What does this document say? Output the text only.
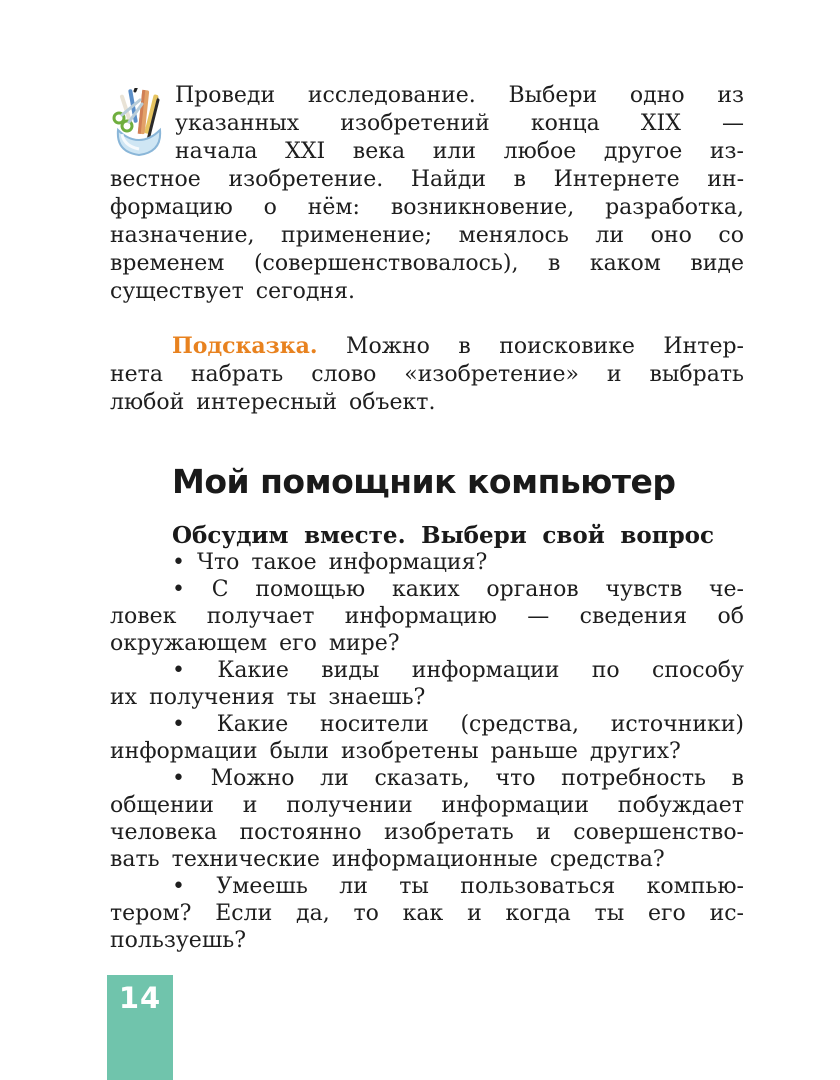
Проведи исследование. Выбери одно из
указанных изобретений конца XIX —
начала XXI века или любое другое из-
вестное изобретение. Найди в Интернете ин-
формацию о нём: возникновение, разработка,
назначение, применение; менялось ли оно со
временем (совершенствовалось), в каком виде
существует сегодня.
Подсказка. Можно в поисковике Интер-
нета набрать слово «изобретение» и выбрать
любой интересный объект.
Мой помощник компьютер
Обсудим вместе. Выбери свой вопрос
• Что такое информация?
• С помощью каких органов чувств че-
ловек получает информацию — сведения об
окружающем его мире?
• Какие виды информации по способу
их получения ты знаешь?
• Какие носители (средства, источники)
информации были изобретены раньше других?
• Можно ли сказать, что потребность в
общении и получении информации побуждает
человека постоянно изобретать и совершенство-
вать технические информационные средства?
• Умеешь ли ты пользоваться компью-
тером? Если да, то как и когда ты его ис-
пользуешь?
14
